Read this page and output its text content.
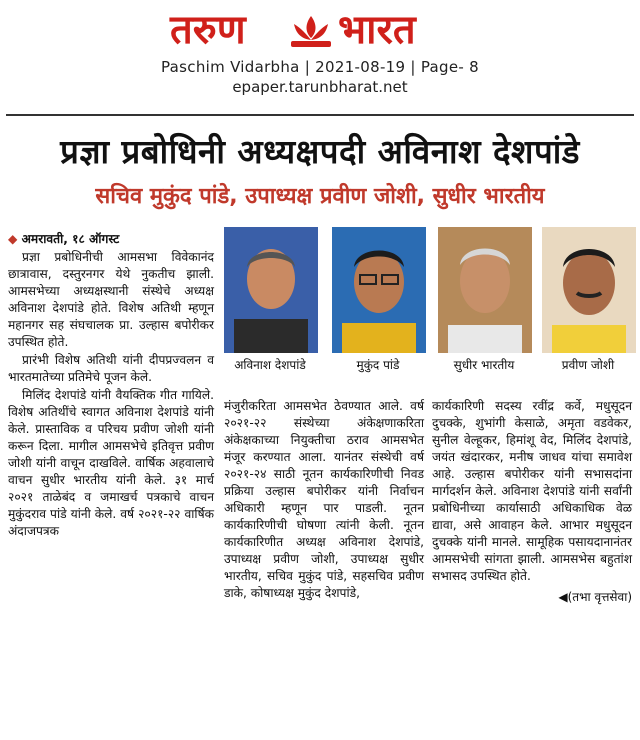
तरुण भारत
Paschim Vidarbha | 2021-08-19 | Page- 8
epaper.tarunbharat.net
प्रज्ञा प्रबोधिनी अध्यक्षपदी अविनाश देशपांडे
सचिव मुकुंद पांडे, उपाध्यक्ष प्रवीण जोशी, सुधीर भारतीय
अविनाश देशपांडे	मुकुंद पांडे	सुधीर भारतीय	प्रवीण जोशी

◆ अमरावती, १८ ऑगस्ट

प्रज्ञा प्रबोधिनीची आमसभा विवेकानंद छात्रावास, दस्तुरनगर येथे नुकतीच झाली. आमसभेच्या अध्यक्षस्थानी संस्थेचे अध्यक्ष अविनाश देशपांडे होते. विशेष अतिथी म्हणून महानगर सह संघचालक प्रा. उल्हास बपोरीकर उपस्थित होते.

प्रारंभी विशेष अतिथी यांनी दीपप्रज्वलन व भारतमातेच्या प्रतिमेचे पूजन केले.

मिलिंद देशपांडे यांनी वैयक्तिक गीत गायिले. विशेष अतिथींचे स्वागत अविनाश देशपांडे यांनी केले. प्रास्ताविक व परिचय प्रवीण जोशी यांनी करून दिला. मागील आमसभेचे इतिवृत्त प्रवीण जोशी यांनी वाचून दाखविले. वार्षिक अहवालाचे वाचन सुधीर भारतीय यांनी केले. ३१ मार्च २०२१ ताळेबंद व जमाखर्च पत्रकाचे वाचन मुकुंदराव पांडे यांनी केले. वर्ष २०२१-२२ वार्षिक अंदाजपत्रक

मंजुरीकरिता आमसभेत ठेवण्यात आले. वर्ष २०२१-२२ संस्थेच्या अंकेक्षणाकरिता अंकेक्षकाच्या नियुक्तीचा ठराव आमसभेत मंजूर करण्यात आला. यानंतर संस्थेची वर्ष २०२१-२४ साठी नूतन कार्यकारिणीची निवड प्रक्रिया उल्हास बपोरीकर यांनी निर्वाचन अधिकारी म्हणून पार पाडली. नूतन कार्यकारिणीची घोषणा त्यांनी केली. नूतन कार्यकारिणीत अध्यक्ष अविनाश देशपांडे, उपाध्यक्ष प्रवीण जोशी, उपाध्यक्ष सुधीर भारतीय, सचिव मुकुंद पांडे, सहसचिव प्रवीण डाके, कोषाध्यक्ष मुकुंद देशपांडे,

कार्यकारिणी सदस्य रवींद्र कर्वे, मधुसूदन दुचक्के, शुभांगी केसाळे, अमृता वडवेकर, सुनील वेल्हूकर, हिमांशू वेद, मिलिंद देशपांडे, जयंत खंदारकर, मनीष जाधव यांचा समावेश आहे. उल्हास बपोरीकर यांनी सभासदांना मार्गदर्शन केले. अविनाश देशपांडे यांनी सर्वांनी प्रबोधिनीच्या कार्यासाठी अधिकाधिक वेळ द्यावा, असे आवाहन केले. आभार मधुसूदन दुचक्के यांनी मानले. सामूहिक पसायदानानंतर आमसभेची सांगता झाली. आमसभेस बहुतांश सभासद उपस्थित होते.

◀(तभा वृत्तसेवा)
